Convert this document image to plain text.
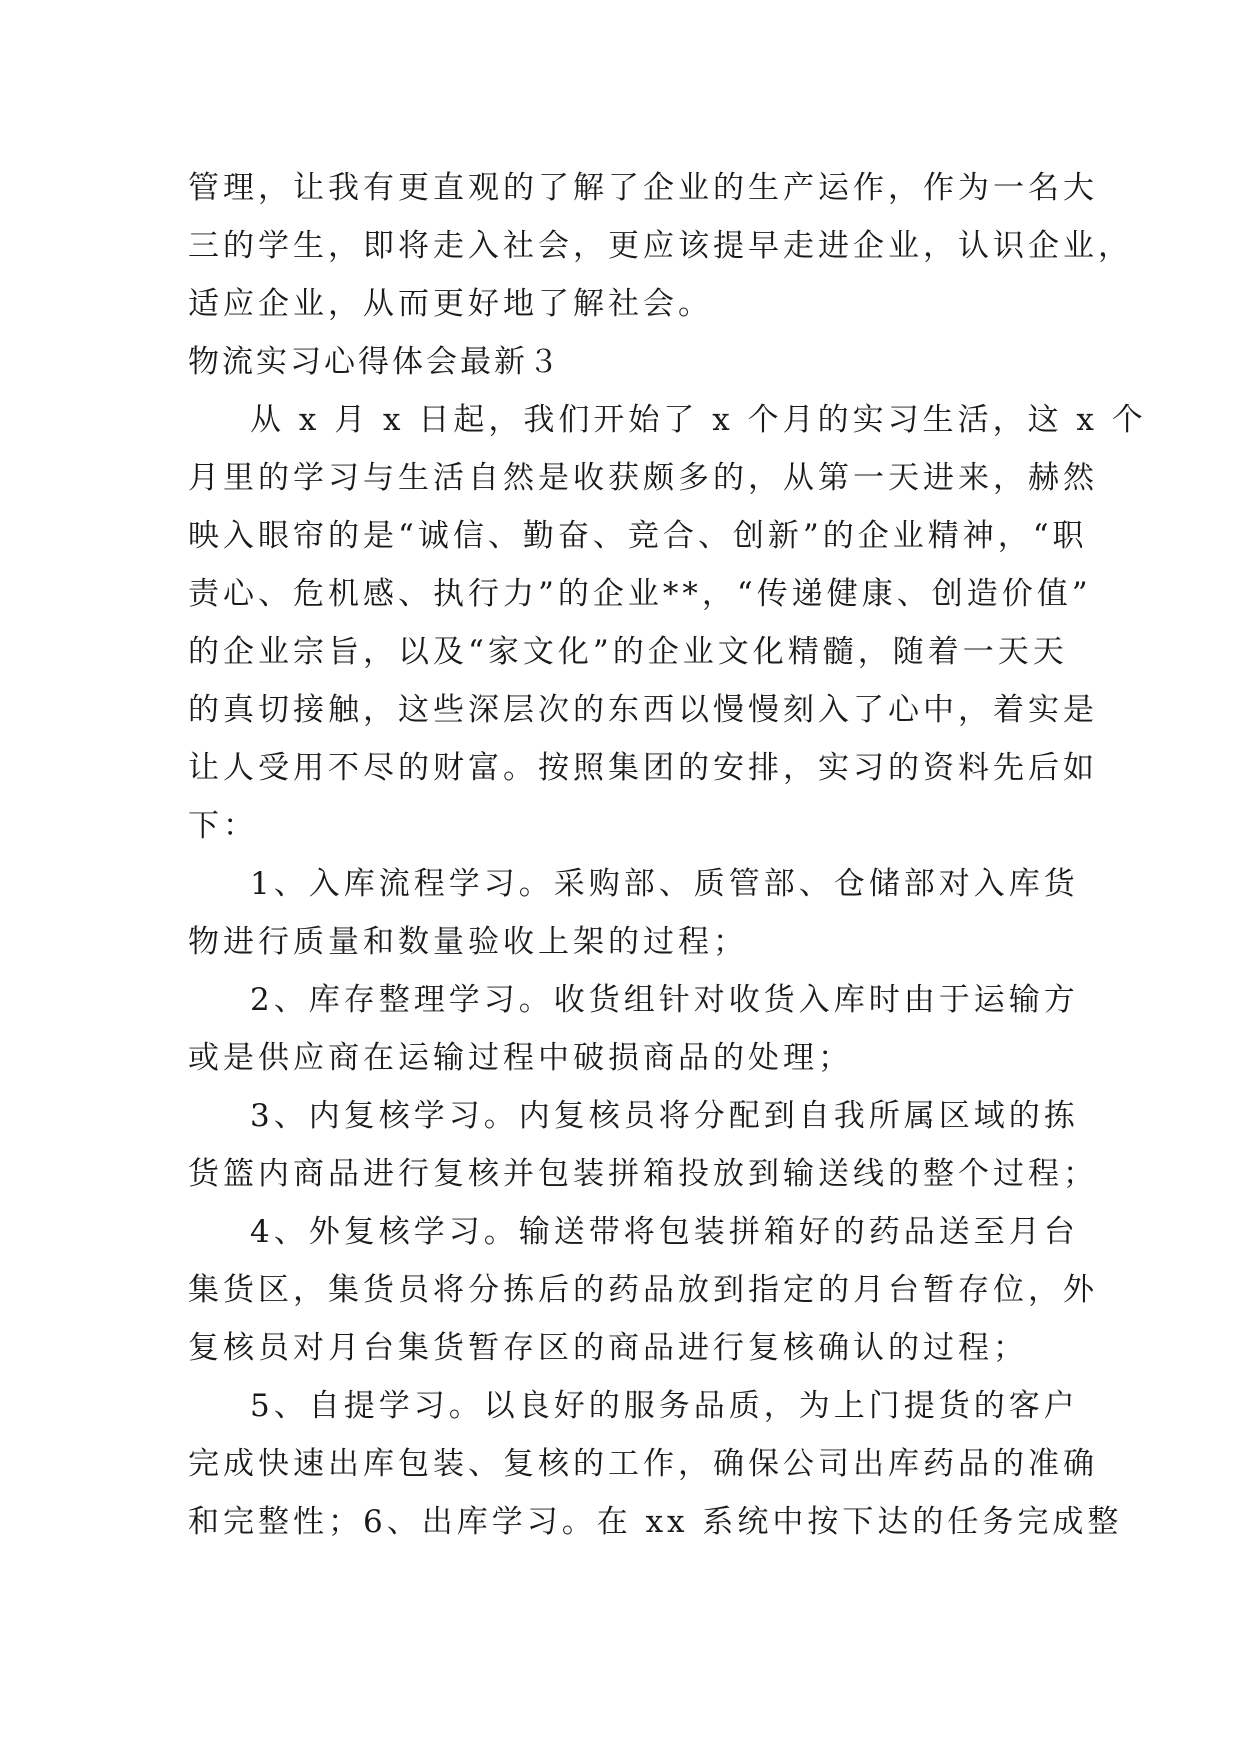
管理，让我有更直观的了解了企业的生产运作，作为一名大
三的学生，即将走入社会，更应该提早走进企业，认识企业，
适应企业，从而更好地了解社会。
物流实习心得体会最新３
从 x 月 x 日起，我们开始了 x 个月的实习生活，这 x 个
月里的学习与生活自然是收获颇多的，从第一天进来，赫然
映入眼帘的是“诚信、勤奋、竞合、创新”的企业精神，“职
责心、危机感、执行力”的企业**，“传递健康、创造价值”
的企业宗旨，以及“家文化”的企业文化精髓，随着一天天
的真切接触，这些深层次的东西以慢慢刻入了心中，着实是
让人受用不尽的财富。按照集团的安排，实习的资料先后如
下：
1、入库流程学习。采购部、质管部、仓储部对入库货
物进行质量和数量验收上架的过程；
2、库存整理学习。收货组针对收货入库时由于运输方
或是供应商在运输过程中破损商品的处理；
3、内复核学习。内复核员将分配到自我所属区域的拣
货篮内商品进行复核并包装拼箱投放到输送线的整个过程；
4、外复核学习。输送带将包装拼箱好的药品送至月台
集货区，集货员将分拣后的药品放到指定的月台暂存位，外
复核员对月台集货暂存区的商品进行复核确认的过程；
5、自提学习。以良好的服务品质，为上门提货的客户
完成快速出库包装、复核的工作，确保公司出库药品的准确
和完整性；6、出库学习。在 xx 系统中按下达的任务完成整
